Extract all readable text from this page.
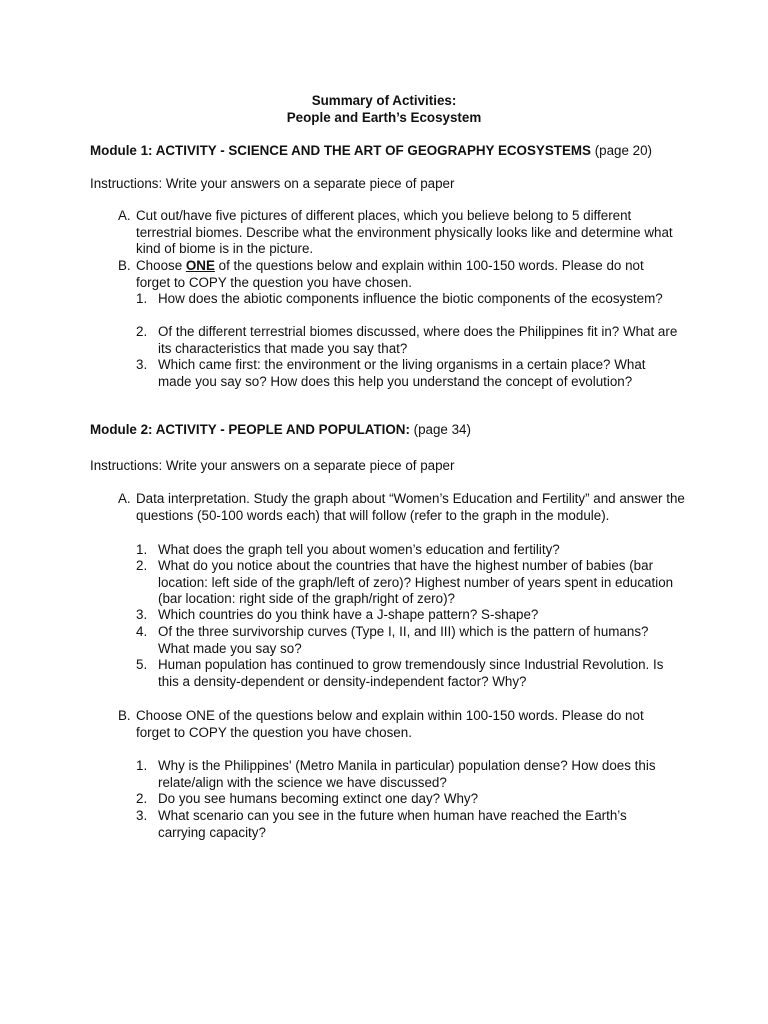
Summary of Activities:
People and Earth’s Ecosystem
Module 1: ACTIVITY - SCIENCE AND THE ART OF GEOGRAPHY ECOSYSTEMS (page 20)
Instructions: Write your answers on a separate piece of paper
A. Cut out/have five pictures of different places, which you believe belong to 5 different terrestrial biomes. Describe what the environment physically looks like and determine what kind of biome is in the picture.
B. Choose ONE of the questions below and explain within 100-150 words. Please do not forget to COPY the question you have chosen.
1. How does the abiotic components influence the biotic components of the ecosystem?
2. Of the different terrestrial biomes discussed, where does the Philippines fit in? What are its characteristics that made you say that?
3. Which came first: the environment or the living organisms in a certain place? What made you say so? How does this help you understand the concept of evolution?
Module 2: ACTIVITY - PEOPLE AND POPULATION: (page 34)
Instructions: Write your answers on a separate piece of paper
A. Data interpretation. Study the graph about “Women’s Education and Fertility” and answer the questions (50-100 words each) that will follow (refer to the graph in the module).
1. What does the graph tell you about women’s education and fertility?
2. What do you notice about the countries that have the highest number of babies (bar location: left side of the graph/left of zero)? Highest number of years spent in education (bar location: right side of the graph/right of zero)?
3. Which countries do you think have a J-shape pattern? S-shape?
4. Of the three survivorship curves (Type I, II, and III) which is the pattern of humans? What made you say so?
5. Human population has continued to grow tremendously since Industrial Revolution. Is this a density-dependent or density-independent factor? Why?
B. Choose ONE of the questions below and explain within 100-150 words. Please do not forget to COPY the question you have chosen.
1. Why is the Philippines' (Metro Manila in particular) population dense? How does this relate/align with the science we have discussed?
2. Do you see humans becoming extinct one day? Why?
3. What scenario can you see in the future when human have reached the Earth’s carrying capacity?
